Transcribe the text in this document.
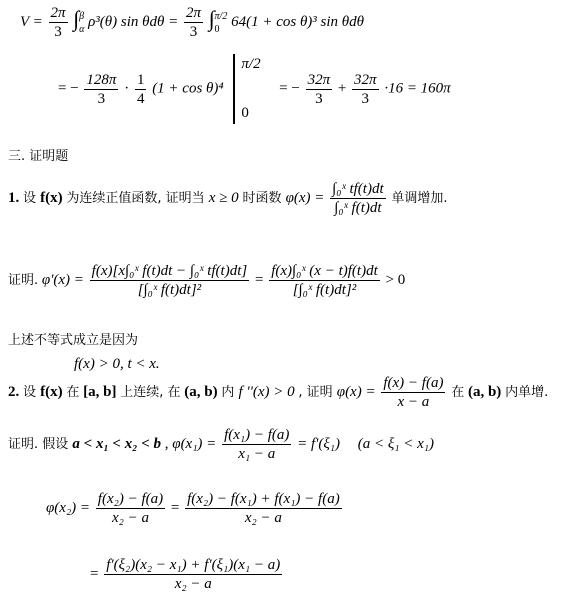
$V = \frac{2\pi}{3}$ ∫ β
α ρ³(θ) $\sin \theta d\theta = \frac{2\pi}{3}$ ∫ π/2
0 64(1 + cos θ)³ sin θdθ
= − $\frac{128\pi}{3} \cdot \frac{1}{4} (1 + \cos \theta)^4$
π/2
0
= − $\frac{32\pi}{3} + \frac{32\pi}{3} \cdot 16 = 160\pi$
三. 证明题
1. 设 f(x) 为连续正值函数, 证明当 x ≥ 0 时函数 $\varphi(x) = \frac{\text{∫₀ˣ tf(t)dt}}{\text{∫₀ˣ f(t)dt}}$ 单调增加.
证明. $\varphi'(x) = \frac{\text{f(x)[x∫₀ˣ f(t)dt − ∫₀ˣ tf(t)dt]}}{\text{[∫₀ˣ f(t)dt]²}} = \frac{\text{f(x)∫₀ˣ (x − t)f(t)dt}}{\text{[∫₀ˣ f(t)dt]²}} > 0$
上述不等式成立是因为
f(x) > 0, t < x.
2. 设 f(x) 在 [a, b] 上连续, 在 (a, b) 内 f ''(x) > 0 , 证明 $\varphi(x) = \frac{f(x) - f(a)}{x - a}$ 在 (a, b) 内单增.
证明. 假设 a < x₁ < x₂ < b , $\varphi(x_1) = \frac{\text{f(x₁) − f(a)}}{\text{x₁ − a}} = f'(\xi_1) (a < \xi_1 < x_1)$
$\varphi(x_2) = \frac{\text{f(x₂) − f(a)}}{\text{x₂ − a}} = \frac{\text{f(x₂) − f(x₁) + f(x₁) − f(a)}}{\text{x₂ − a}}$
= $\frac{\text{f'(ξ₂)(x₂ − x₁) + f'(ξ₁)(x₁ − a)}}{\text{x₂ − a}}$
